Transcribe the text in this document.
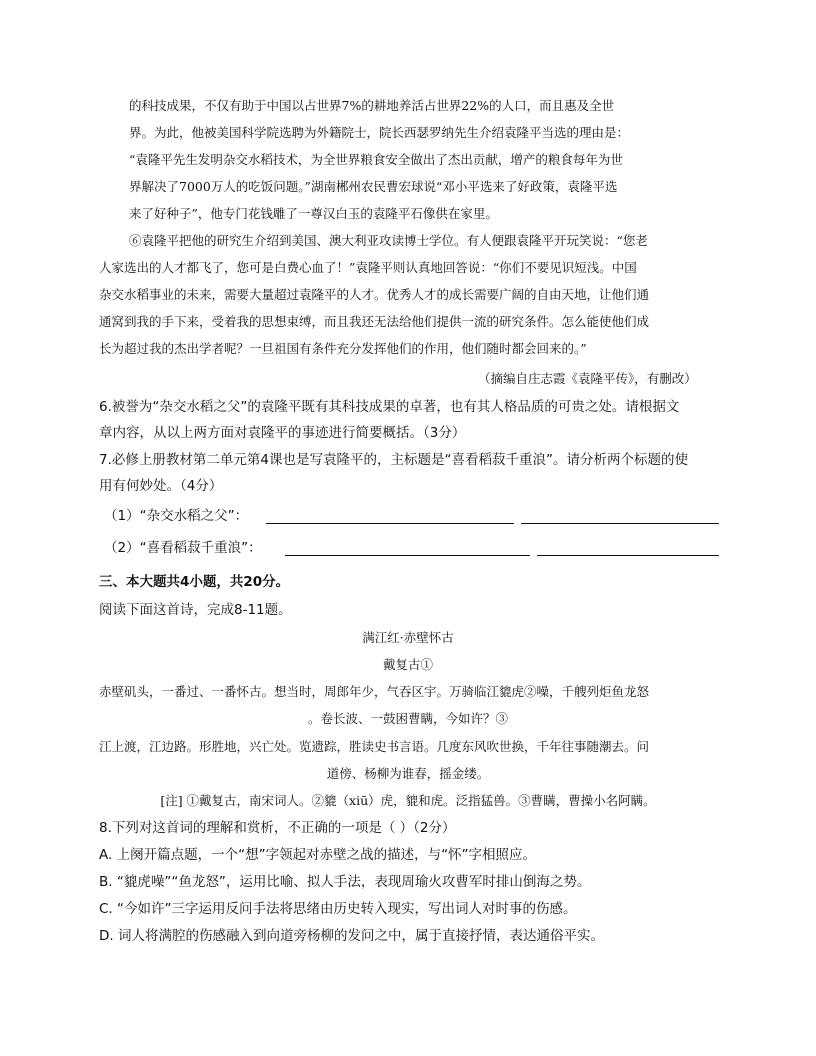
的科技成果，不仅有助于中国以占世界7%的耕地养活占世界22%的人口，而且惠及全世
界。为此，他被美国科学院选聘为外籍院士，院长西瑟罗纳先生介绍袁隆平当选的理由是：
“袁隆平先生发明杂交水稻技术，为全世界粮食安全做出了杰出贡献，增产的粮食每年为世
界解决了7000万人的吃饭问题。”湖南郴州农民曹宏球说“邓小平选来了好政策，袁隆平选
来了好种子”，他专门花钱雕了一尊汉白玉的袁隆平石像供在家里。
⑥袁隆平把他的研究生介绍到美国、澳大利亚攻读博士学位。有人便跟袁隆平开玩笑说：“您老
人家选出的人才都飞了，您可是白费心血了！”袁隆平则认真地回答说：“你们不要见识短浅。中国
杂交水稻事业的未来，需要大量超过袁隆平的人才。优秀人才的成长需要广阔的自由天地，让他们通
通窝到我的手下来，受着我的思想束缚，而且我还无法给他们提供一流的研究条件。怎么能使他们成
长为超过我的杰出学者呢？一旦祖国有条件充分发挥他们的作用，他们随时都会回来的。”
（摘编自庄志霞《袁隆平传》，有删改）
6.被誉为“杂交水稻之父”的袁隆平既有其科技成果的卓著，也有其人格品质的可贵之处。请根据文
章内容，从以上两方面对袁隆平的事迹进行简要概括。（3分）
7.必修上册教材第二单元第4课也是写袁隆平的，主标题是“喜看稻菽千重浪”。请分析两个标题的使
用有何妙处。（4分）
（1）“杂交水稻之父”：
（2）“喜看稻菽千重浪”：
三、本大题共4小题，共20分。
阅读下面这首诗，完成8-11题。
满江红·赤壁怀古
戴复古①
赤壁矶头，一番过、一番怀古。想当时，周郎年少，气吞区宇。万骑临江貔虎②噪，千艘列炬鱼龙怒
。卷长波、一鼓困曹瞒，今如许？③
江上渡，江边路。形胜地，兴亡处。览遗踪，胜读史书言语。几度东风吹世换，千年往事随潮去。问
道傍、杨柳为谁春，摇金缕。
[注] ①戴复古，南宋词人。②貔（xiū）虎，貔和虎。泛指猛兽。③曹瞒，曹操小名阿瞒。
8.下列对这首词的理解和赏析，不正确的一项是（ ）（2分）
A. 上阕开篇点题，一个“想”字领起对赤壁之战的描述，与“怀”字相照应。
B. “貔虎噪”“鱼龙怒”，运用比喻、拟人手法，表现周瑜火攻曹军时排山倒海之势。
C. “今如许”三字运用反问手法将思绪由历史转入现实，写出词人对时事的伤感。
D. 词人将满腔的伤感融入到向道旁杨柳的发问之中，属于直接抒情，表达通俗平实。
